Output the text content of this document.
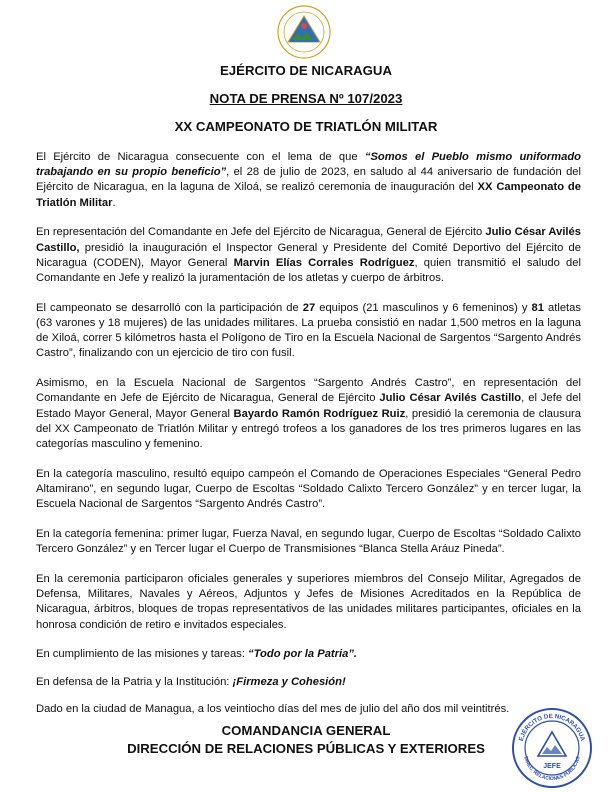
EJÉRCITO DE NICARAGUA
NOTA DE PRENSA Nº 107/2023
XX CAMPEONATO DE TRIATLÓN MILITAR

El Ejército de Nicaragua consecuente con el lema de que “Somos el Pueblo mismo uniformado trabajando en su propio beneficio”, el 28 de julio de 2023, en saludo al 44 aniversario de fundación del Ejército de Nicaragua, en la laguna de Xiloá, se realizó ceremonia de inauguración del XX Campeonato de Triatlón Militar.

En representación del Comandante en Jefe del Ejército de Nicaragua, General de Ejército Julio César Avilés Castillo, presidió la inauguración el Inspector General y Presidente del Comité Deportivo del Ejército de Nicaragua (CODEN), Mayor General Marvin Elías Corrales Rodríguez, quien transmitió el saludo del Comandante en Jefe y realizó la juramentación de los atletas y cuerpo de árbitros.

El campeonato se desarrolló con la participación de 27 equipos (21 masculinos y 6 femeninos) y 81 atletas (63 varones y 18 mujeres) de las unidades militares. La prueba consistió en nadar 1,500 metros en la laguna de Xiloá, correr 5 kilómetros hasta el Polígono de Tiro en la Escuela Nacional de Sargentos “Sargento Andrés Castro”, finalizando con un ejercicio de tiro con fusil.

Asimismo, en la Escuela Nacional de Sargentos “Sargento Andrés Castro”, en representación del Comandante en Jefe de Ejército de Nicaragua, General de Ejército Julio César Avilés Castillo, el Jefe del Estado Mayor General, Mayor General Bayardo Ramón Rodríguez Ruiz, presidió la ceremonia de clausura del XX Campeonato de Triatlón Militar y entregó trofeos a los ganadores de los tres primeros lugares en las categorías masculino y femenino.

En la categoría masculino, resultó equipo campeón el Comando de Operaciones Especiales “General Pedro Altamirano”, en segundo lugar, Cuerpo de Escoltas “Soldado Calixto Tercero González” y en tercer lugar, la Escuela Nacional de Sargentos “Sargento Andrés Castro”.

En la categoría femenina: primer lugar, Fuerza Naval, en segundo lugar, Cuerpo de Escoltas “Soldado Calixto Tercero González” y en Tercer lugar el Cuerpo de Transmisiones “Blanca Stella Aráuz Pineda”.

En la ceremonia participaron oficiales generales y superiores miembros del Consejo Militar, Agregados de Defensa, Militares, Navales y Aéreos, Adjuntos y Jefes de Misiones Acreditados en la República de Nicaragua, árbitros, bloques de tropas representativos de las unidades militares participantes, oficiales en la honrosa condición de retiro e invitados especiales.

En cumplimiento de las misiones y tareas: “Todo por la Patria”.

En defensa de la Patria y la Institución: ¡Firmeza y Cohesión!

Dado en la ciudad de Managua, a los veintiocho días del mes de julio del año dos mil veintitrés.

COMANDANCIA GENERAL
DIRECCIÓN DE RELACIONES PÚBLICAS Y EXTERIORES
JEFE
EJÉRCITO DE NICARAGUA
DIREC. RELACIONES PÚBLICAS
